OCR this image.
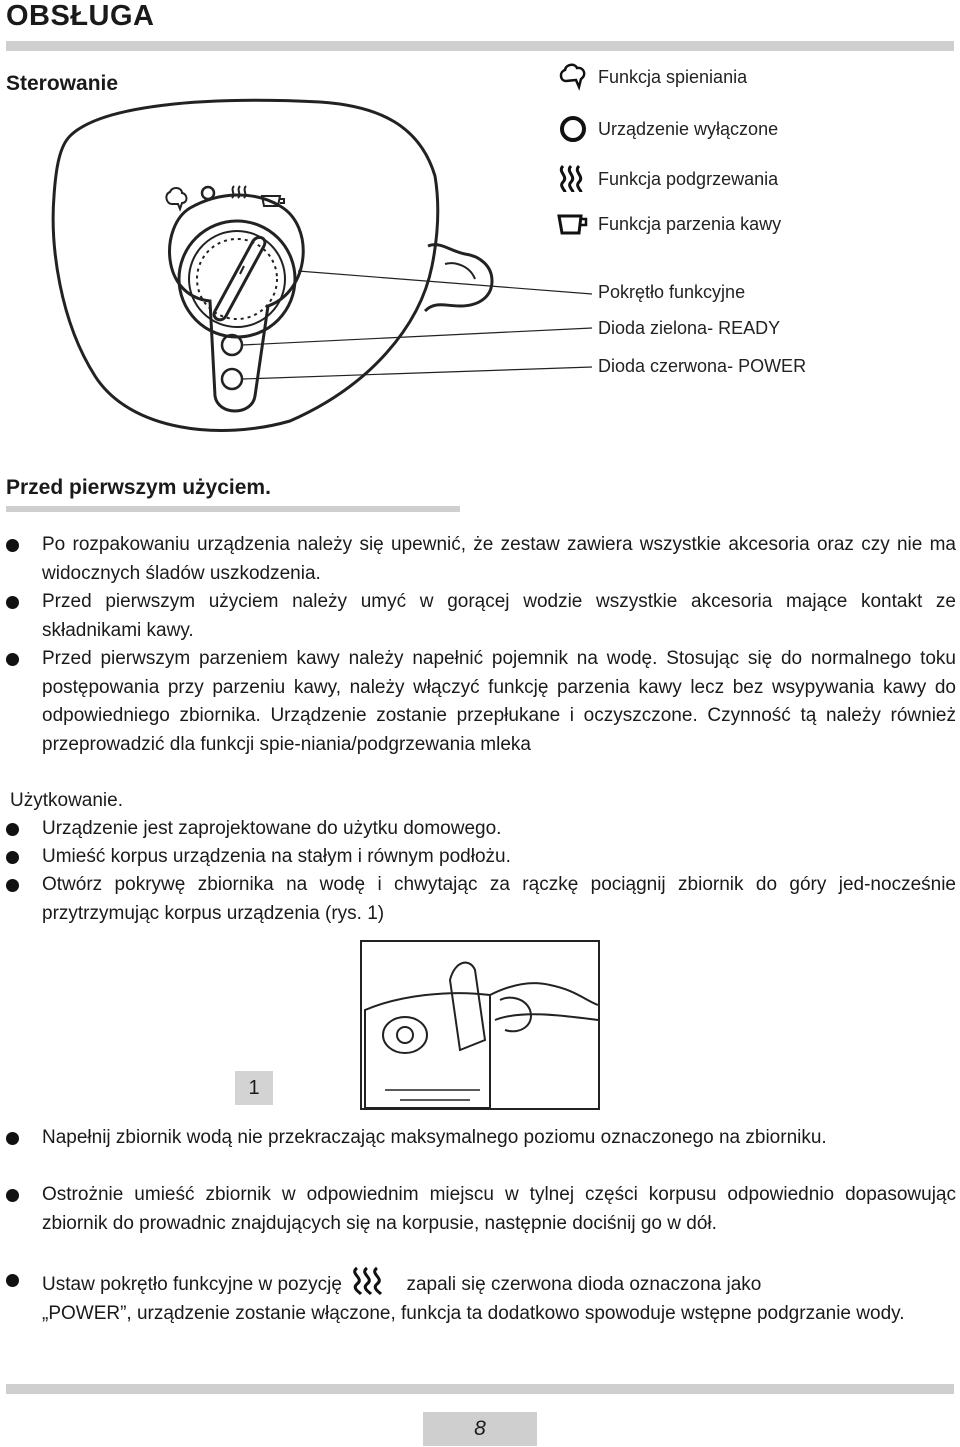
OBSŁUGA
Sterowanie	Funkcja spieniania
Urządzenie wyłączone
Funkcja podgrzewania
Funkcja parzenia kawy
Pokrętło funkcyjne
Dioda zielona- READY
Dioda czerwona- POWER
Przed pierwszym użyciem.
Po rozpakowaniu urządzenia należy się upewnić, że zestaw zawiera wszystkie akcesoria oraz czy nie ma widocznych śladów uszkodzenia.
Przed pierwszym użyciem należy umyć w gorącej wodzie wszystkie akcesoria mające kontakt ze składnikami kawy.
Przed pierwszym parzeniem kawy należy napełnić pojemnik na wodę. Stosując się do normalnego toku postępowania przy parzeniu kawy, należy włączyć funkcję parzenia kawy lecz bez wsypywania kawy do odpowiedniego zbiornika. Urządzenie zostanie przepłukane i oczyszczone. Czynność tą należy również przeprowadzić dla funkcji spie-niania/podgrzewania mleka
Użytkowanie.
Urządzenie jest zaprojektowane do użytku domowego.
Umieść korpus urządzenia na stałym i równym podłożu.
Otwórz pokrywę zbiornika na wodę i chwytając za rączkę pociągnij zbiornik do góry jed-nocześnie przytrzymując korpus urządzenia (rys. 1)
1
Napełnij zbiornik wodą nie przekraczając maksymalnego poziomu oznaczonego na zbiorniku.
Ostrożnie umieść zbiornik w odpowiednim miejscu w tylnej części korpusu odpowiednio dopasowując zbiornik do prowadnic znajdujących się na korpusie, następnie dociśnij go w dół.
Ustaw pokrętło funkcyjne w pozycję	zapali się czerwona dioda oznaczona jako
„POWER”, urządzenie zostanie włączone, funkcja ta dodatkowo spowoduje wstępne podgrzanie wody.
8
